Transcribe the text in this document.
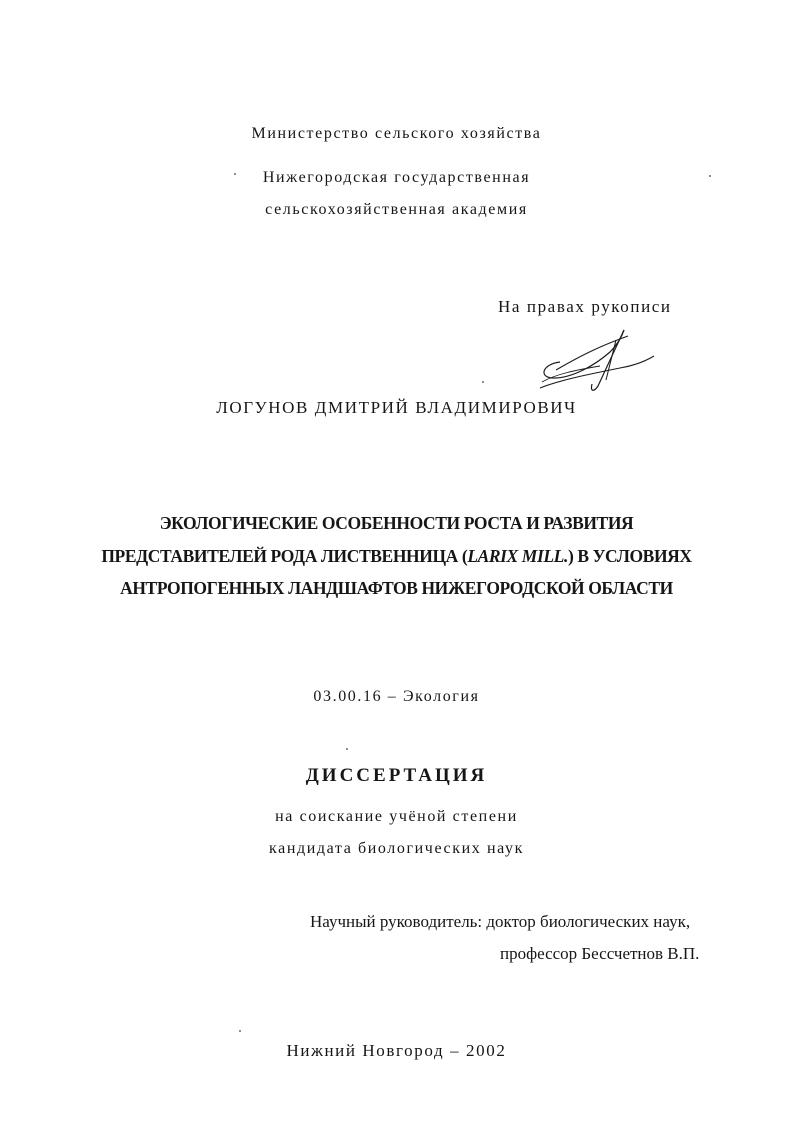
Министерство сельского хозяйства
Нижегородская государственная
сельскохозяйственная академия
На правах рукописи
ЛОГУНОВ ДМИТРИЙ ВЛАДИМИРОВИЧ
ЭКОЛОГИЧЕСКИЕ ОСОБЕННОСТИ РОСТА И РАЗВИТИЯ
ПРЕДСТАВИТЕЛЕЙ РОДА ЛИСТВЕННИЦА (LARIX MILL.) В УСЛОВИЯХ
АНТРОПОГЕННЫХ ЛАНДШАФТОВ НИЖЕГОРОДСКОЙ ОБЛАСТИ
03.00.16 – Экология
ДИССЕРТАЦИЯ
на соискание учёной степени
кандидата биологических наук
Научный руководитель: доктор биологических наук,
профессор Бессчетнов В.П.
Нижний Новгород – 2002
